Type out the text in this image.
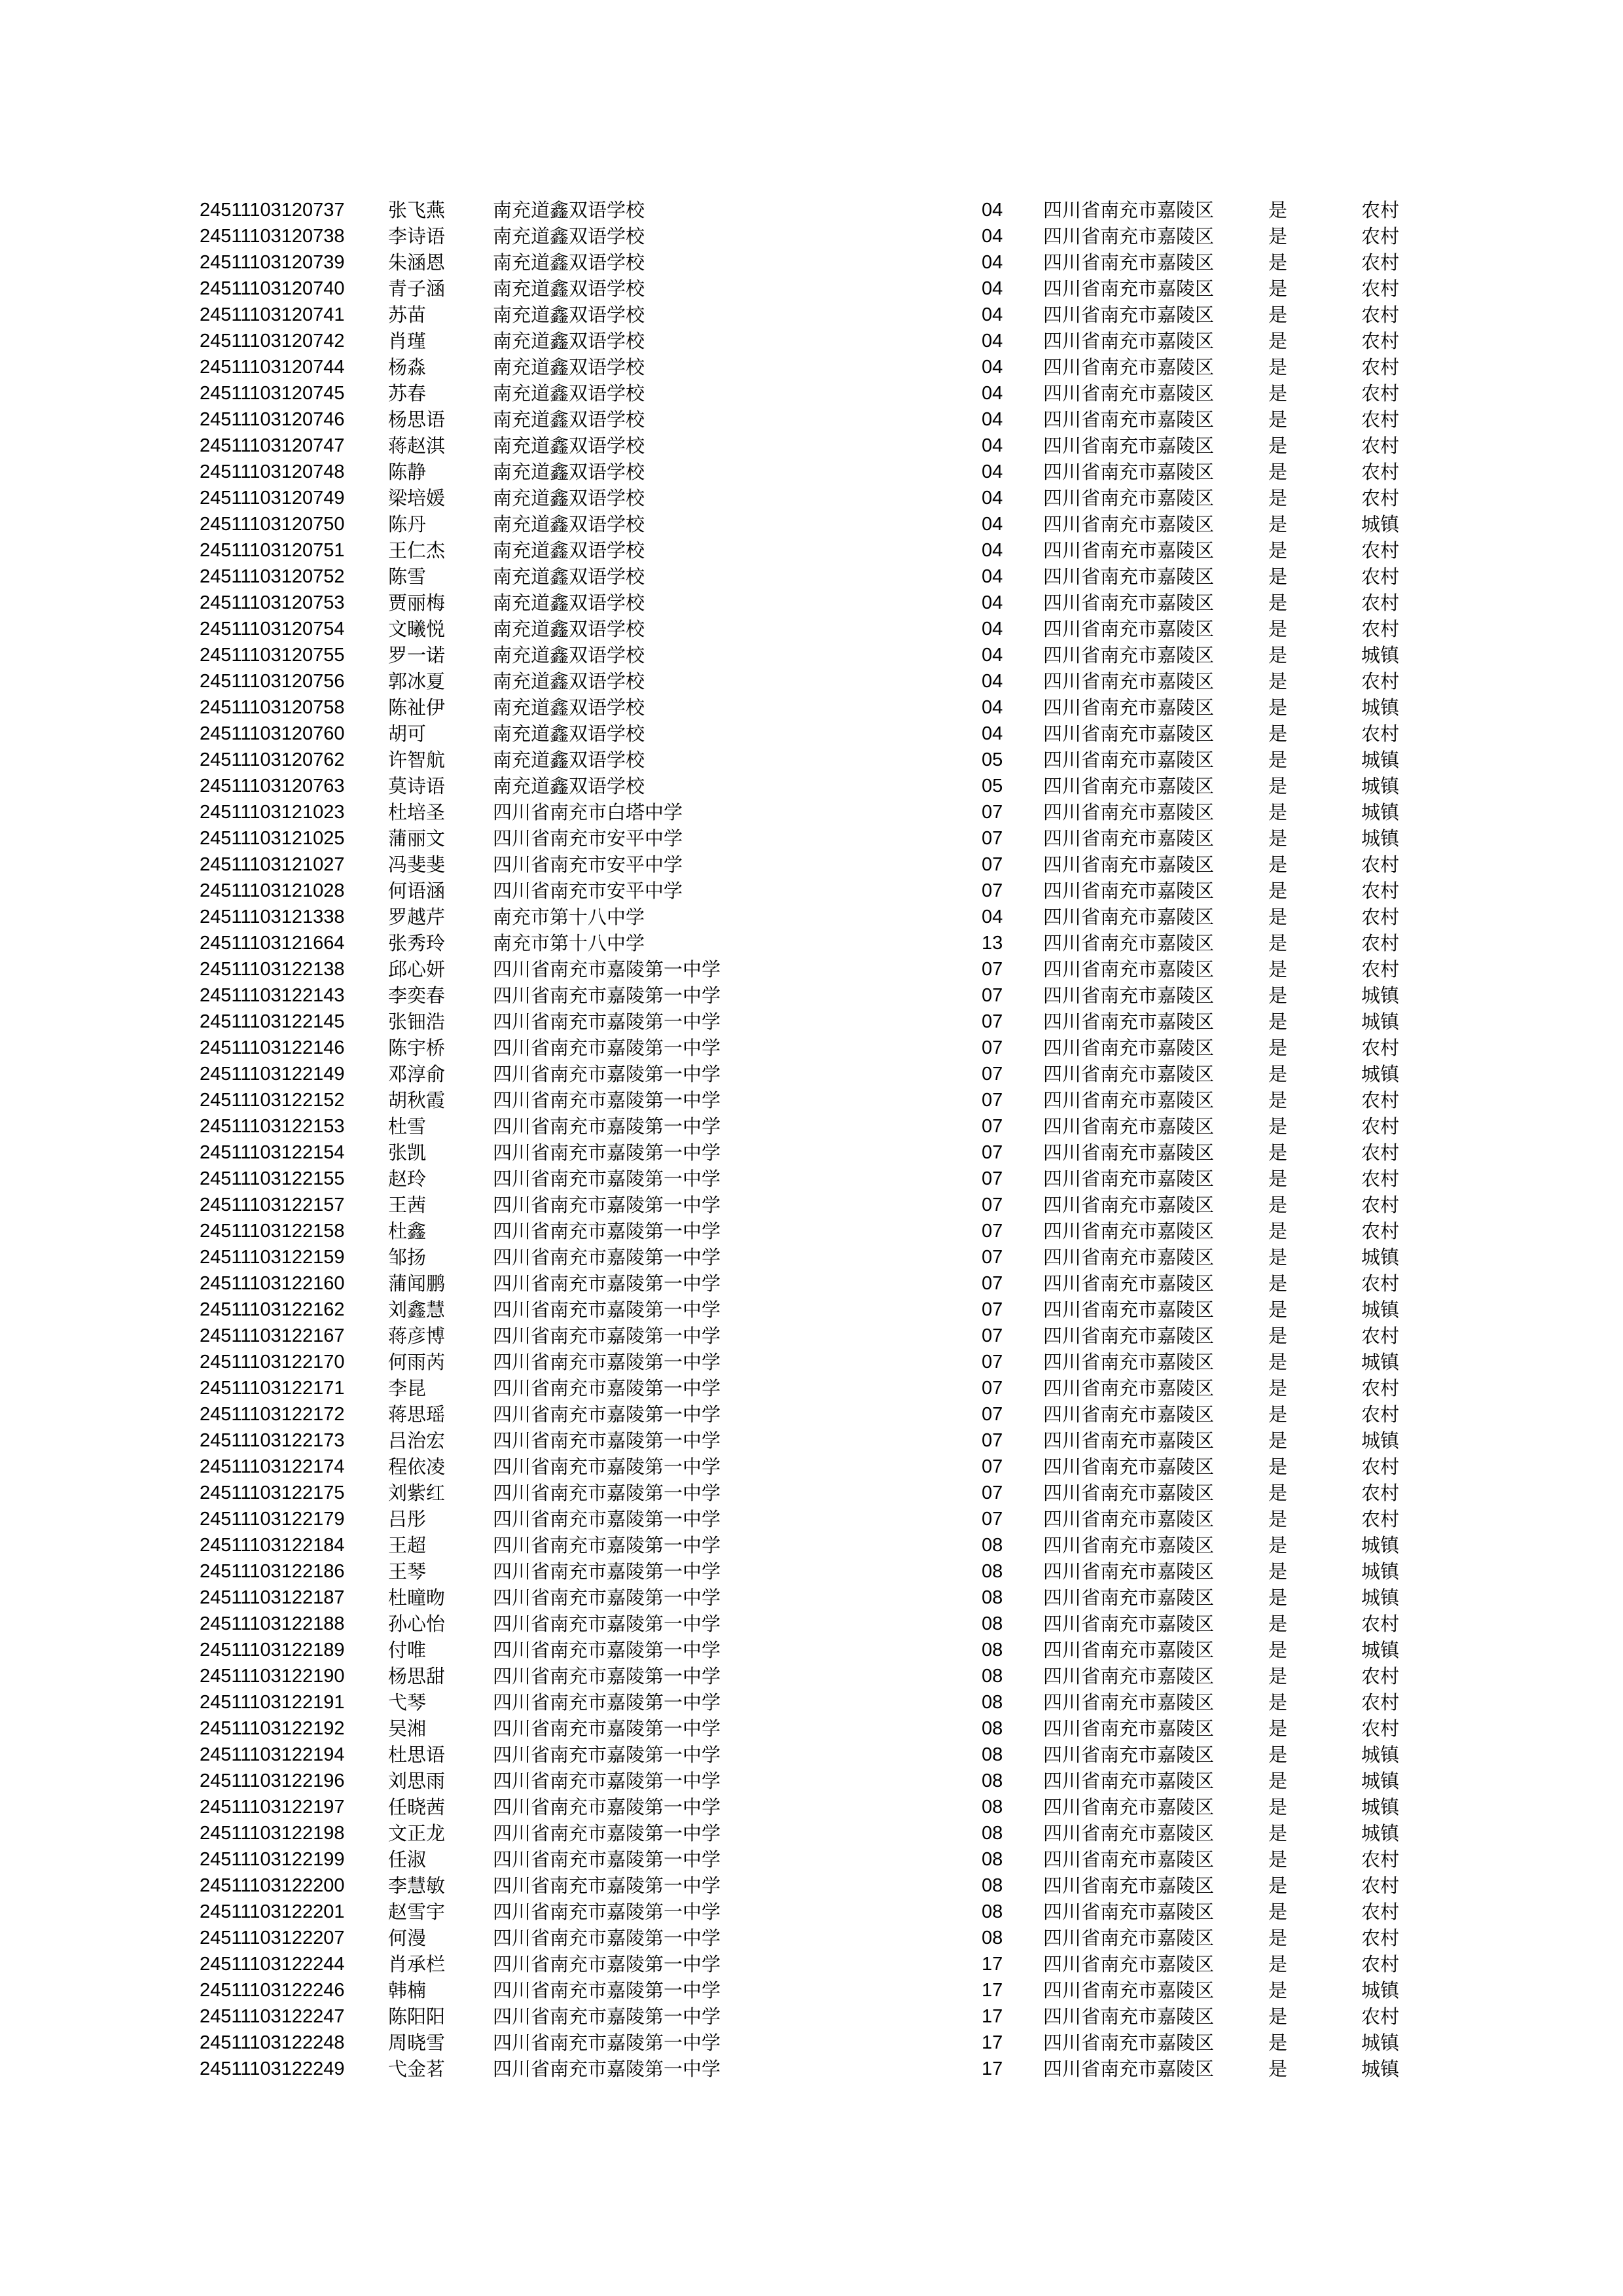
24511103120737 张飞燕	南充道鑫双语学校	04 四川省南充市嘉陵区	是	农村
24511103120738 李诗语	南充道鑫双语学校	04 四川省南充市嘉陵区	是	农村
24511103120739 朱涵恩	南充道鑫双语学校	04 四川省南充市嘉陵区	是	农村
24511103120740 青子涵	南充道鑫双语学校	04 四川省南充市嘉陵区	是	农村
24511103120741 苏苗	南充道鑫双语学校	04 四川省南充市嘉陵区	是	农村
24511103120742 肖瑾	南充道鑫双语学校	04 四川省南充市嘉陵区	是	农村
24511103120744 杨淼	南充道鑫双语学校	04 四川省南充市嘉陵区	是	农村
24511103120745 苏春	南充道鑫双语学校	04 四川省南充市嘉陵区	是	农村
24511103120746 杨思语	南充道鑫双语学校	04 四川省南充市嘉陵区	是	农村
24511103120747 蒋赵淇	南充道鑫双语学校	04 四川省南充市嘉陵区	是	农村
24511103120748 陈静	南充道鑫双语学校	04 四川省南充市嘉陵区	是	农村
24511103120749 梁培媛	南充道鑫双语学校	04 四川省南充市嘉陵区	是	农村
24511103120750 陈丹	南充道鑫双语学校	04 四川省南充市嘉陵区	是	城镇
24511103120751 王仁杰	南充道鑫双语学校	04 四川省南充市嘉陵区	是	农村
24511103120752 陈雪	南充道鑫双语学校	04 四川省南充市嘉陵区	是	农村
24511103120753 贾丽梅	南充道鑫双语学校	04 四川省南充市嘉陵区	是	农村
24511103120754 文曦悦	南充道鑫双语学校	04 四川省南充市嘉陵区	是	农村
24511103120755 罗一诺	南充道鑫双语学校	04 四川省南充市嘉陵区	是	城镇
24511103120756 郭冰夏	南充道鑫双语学校	04 四川省南充市嘉陵区	是	农村
24511103120758 陈祉伊	南充道鑫双语学校	04 四川省南充市嘉陵区	是	城镇
24511103120760 胡可	南充道鑫双语学校	04 四川省南充市嘉陵区	是	农村
24511103120762 许智航	南充道鑫双语学校	05 四川省南充市嘉陵区	是	城镇
24511103120763 莫诗语	南充道鑫双语学校	05 四川省南充市嘉陵区	是	城镇
24511103121023 杜培圣	四川省南充市白塔中学	07 四川省南充市嘉陵区	是	城镇
24511103121025 蒲丽文	四川省南充市安平中学	07 四川省南充市嘉陵区	是	城镇
24511103121027 冯斐斐	四川省南充市安平中学	07 四川省南充市嘉陵区	是	农村
24511103121028 何语涵	四川省南充市安平中学	07 四川省南充市嘉陵区	是	农村
24511103121338 罗越芹	南充市第十八中学	04 四川省南充市嘉陵区	是	农村
24511103121664 张秀玲	南充市第十八中学	13 四川省南充市嘉陵区	是	农村
24511103122138 邱心妍	四川省南充市嘉陵第一中学	07 四川省南充市嘉陵区	是	农村
24511103122143 李奕春	四川省南充市嘉陵第一中学	07 四川省南充市嘉陵区	是	城镇
24511103122145 张钿浩	四川省南充市嘉陵第一中学	07 四川省南充市嘉陵区	是	城镇
24511103122146 陈宇桥	四川省南充市嘉陵第一中学	07 四川省南充市嘉陵区	是	农村
24511103122149 邓淳俞	四川省南充市嘉陵第一中学	07 四川省南充市嘉陵区	是	城镇
24511103122152 胡秋霞	四川省南充市嘉陵第一中学	07 四川省南充市嘉陵区	是	农村
24511103122153 杜雪	四川省南充市嘉陵第一中学	07 四川省南充市嘉陵区	是	农村
24511103122154 张凯	四川省南充市嘉陵第一中学	07 四川省南充市嘉陵区	是	农村
24511103122155 赵玲	四川省南充市嘉陵第一中学	07 四川省南充市嘉陵区	是	农村
24511103122157 王茜	四川省南充市嘉陵第一中学	07 四川省南充市嘉陵区	是	农村
24511103122158 杜鑫	四川省南充市嘉陵第一中学	07 四川省南充市嘉陵区	是	农村
24511103122159 邹扬	四川省南充市嘉陵第一中学	07 四川省南充市嘉陵区	是	城镇
24511103122160 蒲闻鹏	四川省南充市嘉陵第一中学	07 四川省南充市嘉陵区	是	农村
24511103122162 刘鑫慧	四川省南充市嘉陵第一中学	07 四川省南充市嘉陵区	是	城镇
24511103122167 蒋彦博	四川省南充市嘉陵第一中学	07 四川省南充市嘉陵区	是	农村
24511103122170 何雨芮	四川省南充市嘉陵第一中学	07 四川省南充市嘉陵区	是	城镇
24511103122171 李昆	四川省南充市嘉陵第一中学	07 四川省南充市嘉陵区	是	农村
24511103122172 蒋思瑶	四川省南充市嘉陵第一中学	07 四川省南充市嘉陵区	是	农村
24511103122173 吕治宏	四川省南充市嘉陵第一中学	07 四川省南充市嘉陵区	是	城镇
24511103122174 程依凌	四川省南充市嘉陵第一中学	07 四川省南充市嘉陵区	是	农村
24511103122175 刘紫红	四川省南充市嘉陵第一中学	07 四川省南充市嘉陵区	是	农村
24511103122179 吕彤	四川省南充市嘉陵第一中学	07 四川省南充市嘉陵区	是	农村
24511103122184 王超	四川省南充市嘉陵第一中学	08 四川省南充市嘉陵区	是	城镇
24511103122186 王琴	四川省南充市嘉陵第一中学	08 四川省南充市嘉陵区	是	城镇
24511103122187 杜曈昒	四川省南充市嘉陵第一中学	08 四川省南充市嘉陵区	是	城镇
24511103122188 孙心怡	四川省南充市嘉陵第一中学	08 四川省南充市嘉陵区	是	农村
24511103122189 付唯	四川省南充市嘉陵第一中学	08 四川省南充市嘉陵区	是	城镇
24511103122190 杨思甜	四川省南充市嘉陵第一中学	08 四川省南充市嘉陵区	是	农村
24511103122191 弋琴	四川省南充市嘉陵第一中学	08 四川省南充市嘉陵区	是	农村
24511103122192 吴湘	四川省南充市嘉陵第一中学	08 四川省南充市嘉陵区	是	农村
24511103122194 杜思语	四川省南充市嘉陵第一中学	08 四川省南充市嘉陵区	是	城镇
24511103122196 刘思雨	四川省南充市嘉陵第一中学	08 四川省南充市嘉陵区	是	城镇
24511103122197 任晓茜	四川省南充市嘉陵第一中学	08 四川省南充市嘉陵区	是	城镇
24511103122198 文正龙	四川省南充市嘉陵第一中学	08 四川省南充市嘉陵区	是	城镇
24511103122199 任淑	四川省南充市嘉陵第一中学	08 四川省南充市嘉陵区	是	农村
24511103122200 李慧敏	四川省南充市嘉陵第一中学	08 四川省南充市嘉陵区	是	农村
24511103122201 赵雪宇	四川省南充市嘉陵第一中学	08 四川省南充市嘉陵区	是	农村
24511103122207 何漫	四川省南充市嘉陵第一中学	08 四川省南充市嘉陵区	是	农村
24511103122244 肖承栏	四川省南充市嘉陵第一中学	17 四川省南充市嘉陵区	是	农村
24511103122246 韩楠	四川省南充市嘉陵第一中学	17 四川省南充市嘉陵区	是	城镇
24511103122247 陈阳阳	四川省南充市嘉陵第一中学	17 四川省南充市嘉陵区	是	农村
24511103122248 周晓雪	四川省南充市嘉陵第一中学	17 四川省南充市嘉陵区	是	城镇
24511103122249 弋金茗	四川省南充市嘉陵第一中学	17 四川省南充市嘉陵区	是	城镇
